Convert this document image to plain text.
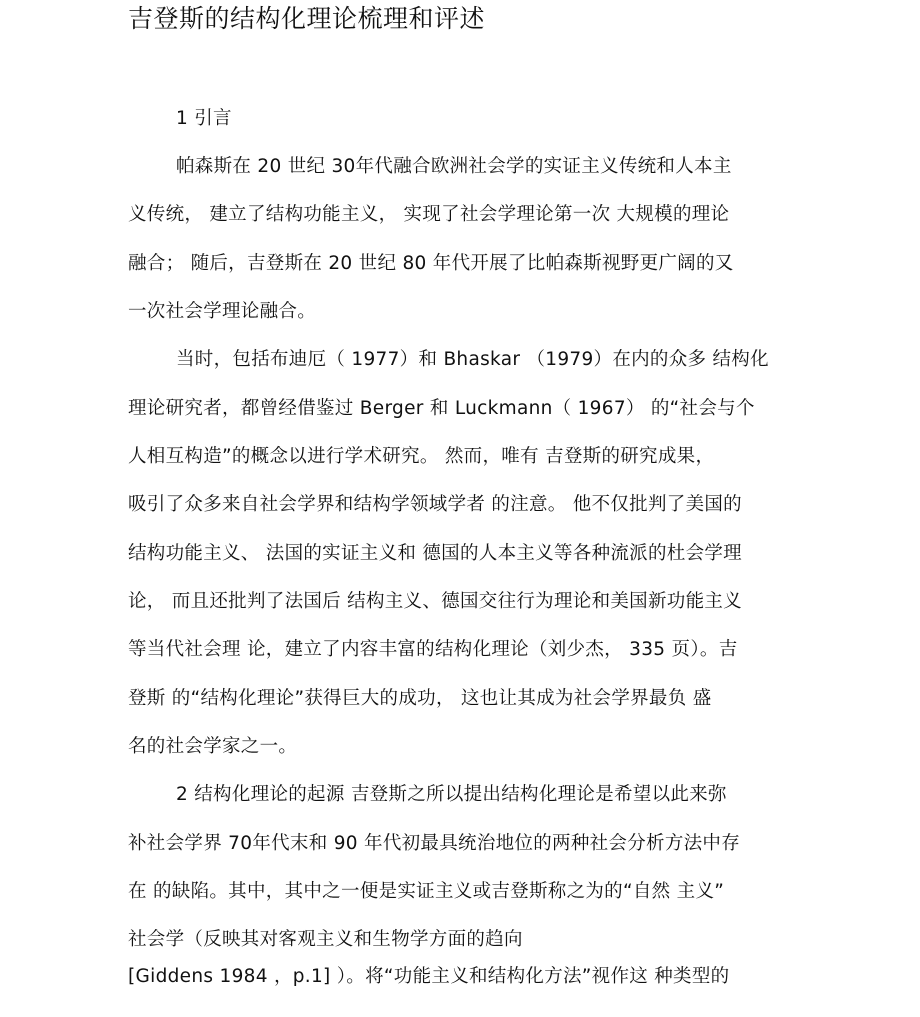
吉登斯的结构化理论梳理和评述
1 引言
帕森斯在 20 世纪 30年代融合欧洲社会学的实证主义传统和人本主
义传统， 建立了结构功能主义， 实现了社会学理论第一次 大规模的理论
融合； 随后，吉登斯在 20 世纪 80 年代开展了比帕森斯视野更广阔的又
一次社会学理论融合。
当时，包括布迪厄（ 1977）和 Bhaskar （1979）在内的众多 结构化
理论研究者，都曾经借鉴过 Berger 和 Luckmann（ 1967） 的“社会与个
人相互构造”的概念以进行学术研究。 然而，唯有 吉登斯的研究成果，
吸引了众多来自社会学界和结构学领域学者 的注意。 他不仅批判了美国的
结构功能主义、 法国的实证主义和 德国的人本主义等各种流派的杜会学理
论， 而且还批判了法国后 结构主义、德国交往行为理论和美国新功能主义
等当代社会理 论，建立了内容丰富的结构化理论（刘少杰， 335 页）。吉
登斯 的“结构化理论”获得巨大的成功， 这也让其成为社会学界最负 盛
名的社会学家之一。
2 结构化理论的起源 吉登斯之所以提出结构化理论是希望以此来弥
补社会学界 70年代末和 90 年代初最具统治地位的两种社会分析方法中存
在 的缺陷。其中，其中之一便是实证主义或吉登斯称之为的“自然 主义”
社会学（反映其对客观主义和生物学方面的趋向
[Giddens 1984 ，p.1] ）。将“功能主义和结构化方法”视作这 种类型的
